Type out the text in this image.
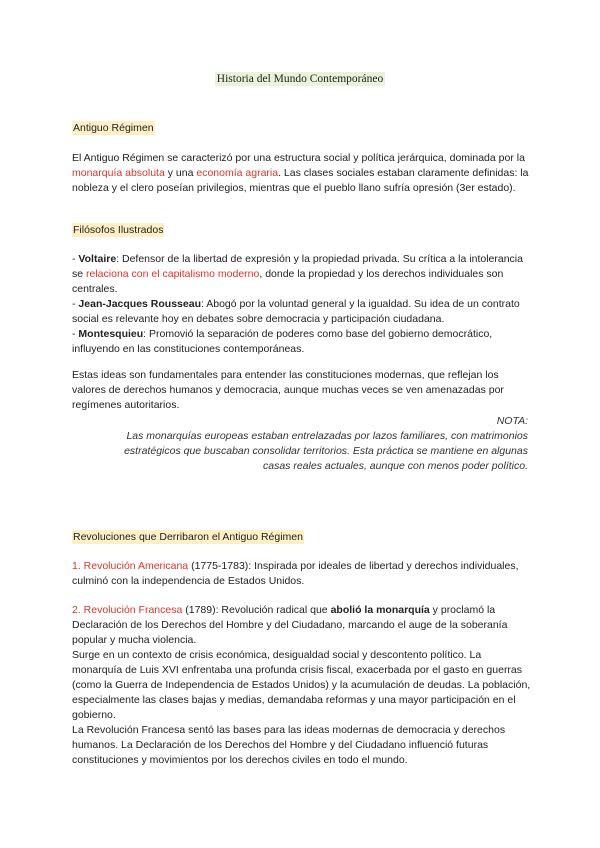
Historia del Mundo Contemporáneo
Antiguo Régimen

El Antiguo Régimen se caracterizó por una estructura social y política jerárquica, dominada por la monarquía absoluta y una economía agraria. Las clases sociales estaban claramente definidas: la nobleza y el clero poseían privilegios, mientras que el pueblo llano sufría opresión (3er estado).

Filósofos Ilustrados

- Voltaire: Defensor de la libertad de expresión y la propiedad privada. Su crítica a la intolerancia se relaciona con el capitalismo moderno, donde la propiedad y los derechos individuales son centrales.

- Jean-Jacques Rousseau: Abogó por la voluntad general y la igualdad. Su idea de un contrato social es relevante hoy en debates sobre democracia y participación ciudadana.

- Montesquieu: Promovió la separación de poderes como base del gobierno democrático, influyendo en las constituciones contemporáneas.

Estas ideas son fundamentales para entender las constituciones modernas, que reflejan los valores de derechos humanos y democracia, aunque muchas veces se ven amenazadas por regímenes autoritarios.

NOTA:

Las monarquías europeas estaban entrelazadas por lazos familiares, con matrimonios estratégicos que buscaban consolidar territorios. Esta práctica se mantiene en algunas casas reales actuales, aunque con menos poder político.

Revoluciones que Derribaron el Antiguo Régimen

1. Revolución Americana (1775-1783): Inspirada por ideales de libertad y derechos individuales, culminó con la independencia de Estados Unidos.

2. Revolución Francesa (1789): Revolución radical que abolió la monarquía y proclamó la Declaración de los Derechos del Hombre y del Ciudadano, marcando el auge de la soberanía popular y mucha violencia.

Surge en un contexto de crisis económica, desigualdad social y descontento político. La monarquía de Luis XVI enfrentaba una profunda crisis fiscal, exacerbada por el gasto en guerras (como la Guerra de Independencia de Estados Unidos) y la acumulación de deudas. La población, especialmente las clases bajas y medias, demandaba reformas y una mayor participación en el gobierno.

La Revolución Francesa sentó las bases para las ideas modernas de democracia y derechos humanos. La Declaración de los Derechos del Hombre y del Ciudadano influenció futuras constituciones y movimientos por los derechos civiles en todo el mundo.
